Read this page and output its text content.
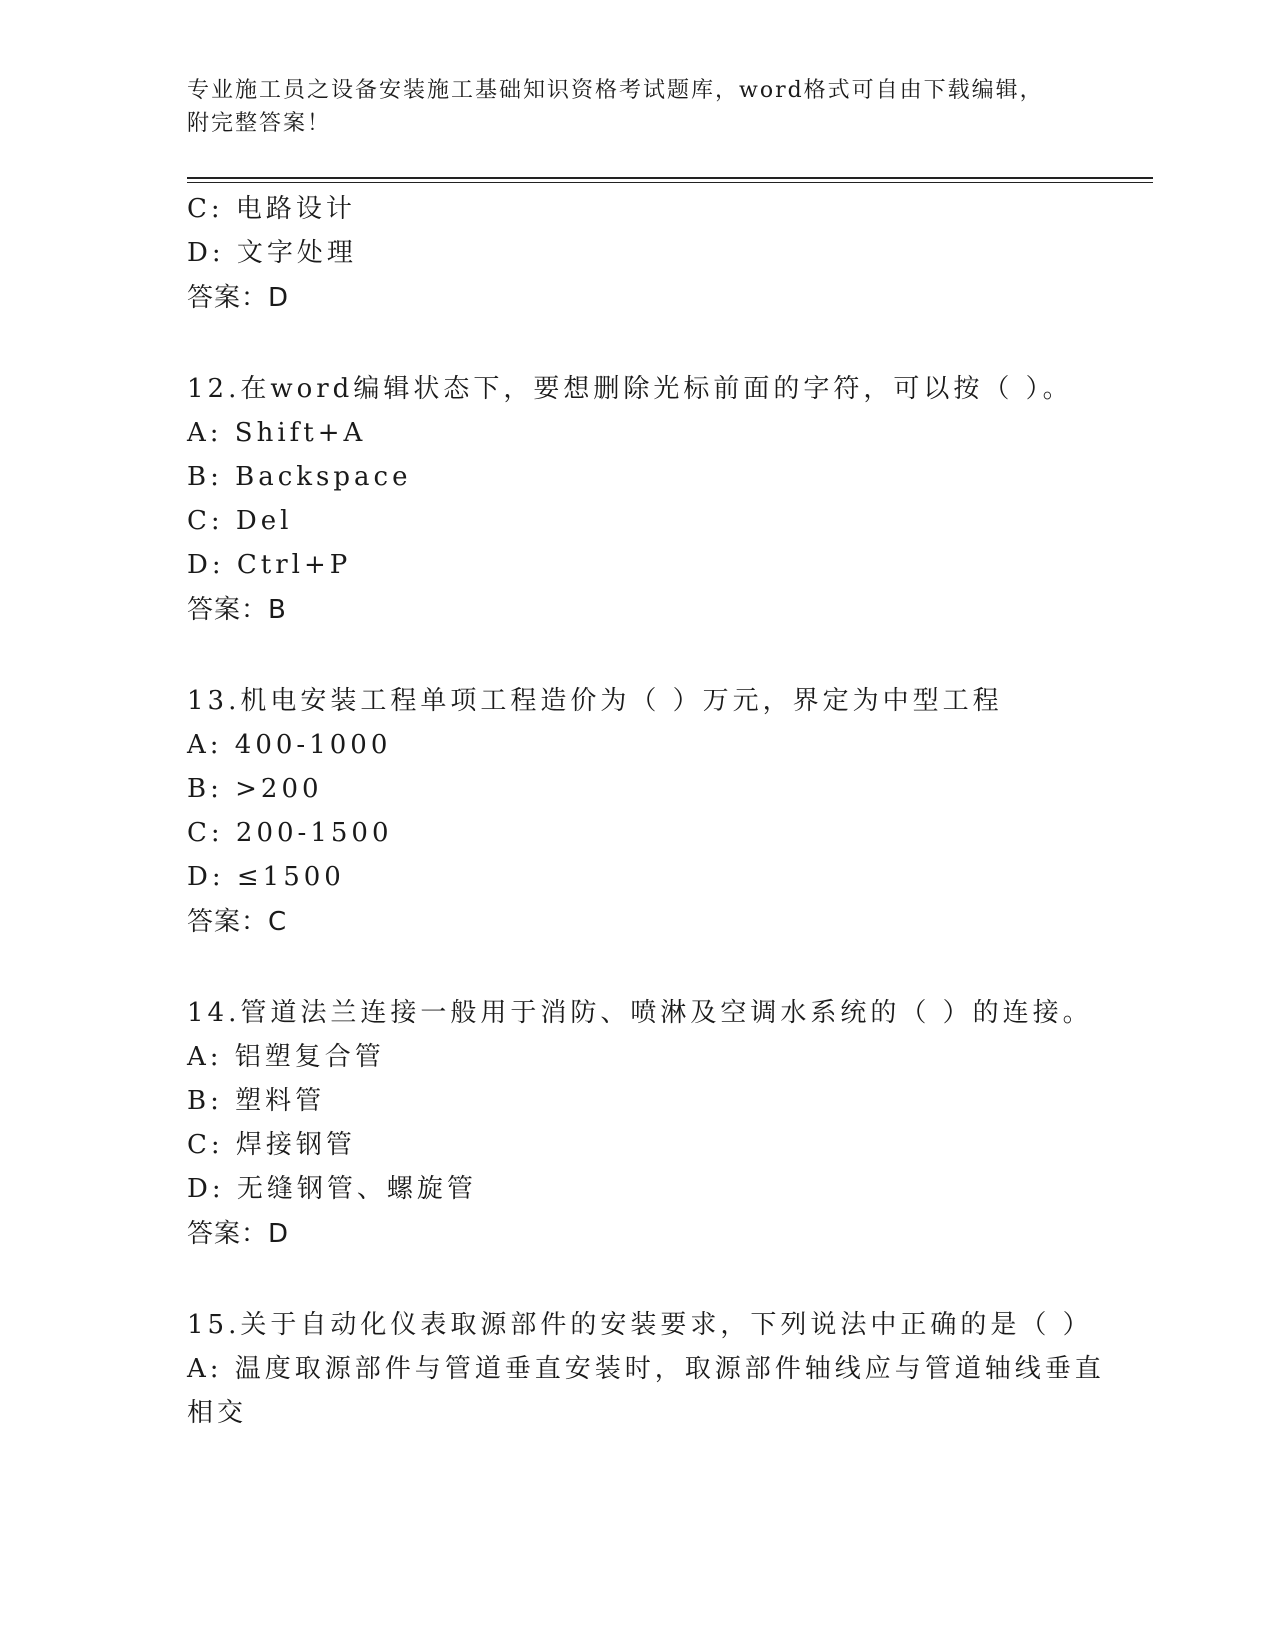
专业施工员之设备安装施工基础知识资格考试题库，word格式可自由下载编辑，
附完整答案！
C: 电路设计
D: 文字处理
答案：D
12.在word编辑状态下，要想删除光标前面的字符，可以按（ ）。
A: Shift+A
B: Backspace
C: Del
D: Ctrl+P
答案：B
13.机电安装工程单项工程造价为（ ）万元，界定为中型工程
A: 400-1000
B: >200
C: 200-1500
D: ≤1500
答案：C
14.管道法兰连接一般用于消防、喷淋及空调水系统的（ ）的连接。
A: 铝塑复合管
B: 塑料管
C: 焊接钢管
D: 无缝钢管、螺旋管
答案：D
15.关于自动化仪表取源部件的安装要求，下列说法中正确的是（ ）
A: 温度取源部件与管道垂直安装时，取源部件轴线应与管道轴线垂直
相交
